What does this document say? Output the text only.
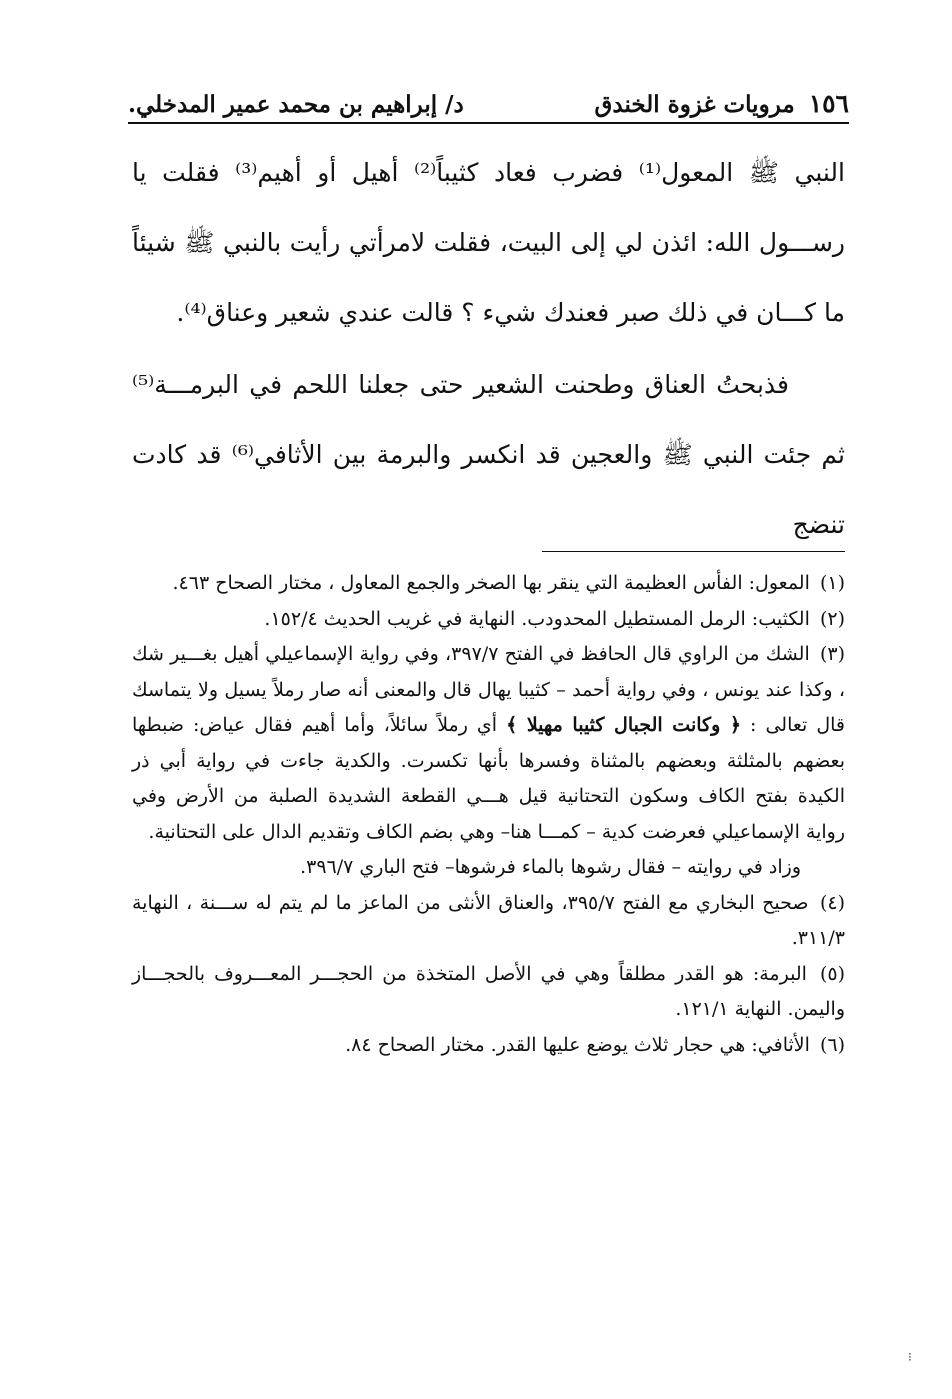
١٥٦
مرويات غزوة الخندق
د/ إبراهيم بن محمد عمير المدخلي.

النبي ﷺ المعول⁽¹⁾ فضرب فعاد كثيباً⁽²⁾ أهيل أو أهيم⁽³⁾ فقلت يا رســـول الله: ائذن لي إلى البيت، فقلت لامرأتي رأيت بالنبي ﷺ شيئاً ما كـــان في ذلك صبر فعندك شيء ؟ قالت عندي شعير وعناق⁽⁴⁾.

فذبحتُ العناق وطحنت الشعير حتى جعلنا اللحم في البرمـــة⁽⁵⁾ ثم جئت النبي ﷺ والعجين قد انكسر والبرمة بين الأثافي⁽⁶⁾ قد كادت تنضج

(١) المعول: الفأس العظيمة التي ينقر بها الصخر والجمع المعاول ، مختار الصحاح ٤٦٣.

(٢) الكثيب: الرمل المستطيل المحدودب. النهاية في غريب الحديث ١٥٢/٤.

(٣) الشك من الراوي قال الحافظ في الفتح ٣٩٧/٧، وفي رواية الإسماعيلي أهيل بغـــير شك ، وكذا عند يونس ، وفي رواية أحمد – كثيبا يهال قال والمعنى أنه صار رملاً يسيل ولا يتماسك قال تعالى : ﴿ وكانت الجبال كثيبا مهيلا ﴾ أي رملاً سائلاً، وأما أهيم فقال عياض: ضبطها بعضهم بالمثلثة وبعضهم بالمثناة وفسرها بأنها تكسرت. والكدية جاءت في رواية أبي ذر الكيدة بفتح الكاف وسكون التحتانية قيل هـــي القطعة الشديدة الصلبة من الأرض وفي رواية الإسماعيلي فعرضت كدية – كمـــا هنا– وهي بضم الكاف وتقديم الدال على التحتانية.

وزاد في روايته – فقال رشوها بالماء فرشوها– فتح الباري ٣٩٦/٧.

(٤) صحيح البخاري مع الفتح ٣٩٥/٧، والعناق الأنثى من الماعز ما لم يتم له ســـنة ، النهاية ٣١١/٣.

(٥) البرمة: هو القدر مطلقاً وهي في الأصل المتخذة من الحجـــر المعـــروف بالحجـــاز واليمن. النهاية ١٢١/١.

(٦) الأثافي: هي حجار ثلاث يوضع عليها القدر. مختار الصحاح ٨٤.

⁝
